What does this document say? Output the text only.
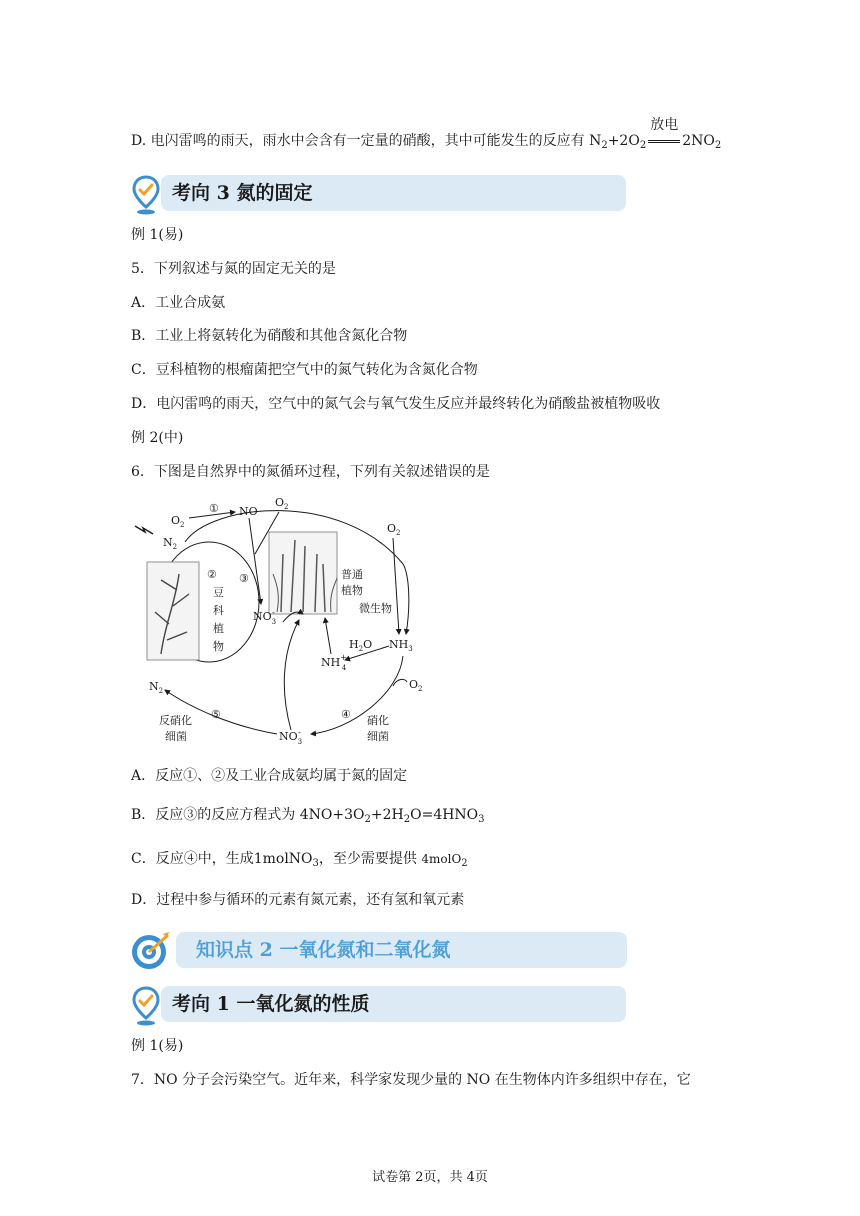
D. 电闪雷鸣的雨天，雨水中会含有一定量的硝酸，其中可能发生的反应有 $N_2+2O_2$
放电
$2NO_2$
考向 3 氮的固定
例 1(易)
5．下列叙述与氮的固定无关的是
A．工业合成氨
B．工业上将氨转化为硝酸和其他含氮化合物
C．豆科植物的根瘤菌把空气中的氮气转化为含氮化合物
D．电闪雷鸣的雨天，空气中的氮气会与氧气发生反应并最终转化为硝酸盐被植物吸收
例 2(中)
6．下图是自然界中的氮循环过程，下列有关叙述错误的是
$O_2$
① NO
$O_2$
$N_2$
③
②
豆
科
植
物
普通
植物
微生物
$O_2$
$NO_3-$
$H_2O$ $NH_3$
NH+ 4
$O_2$
$NO_3-$
$N_2$
⑤	④
反硝化
细菌
硝化
细菌
A．反应①、②及工业合成氨均属于氮的固定
B．反应③的反应方程式为 $4NO+3O_2+2H_2O=4HNO_3$
C．反应④中，生成1molNO$_3$，至少需要提供 4molO$_2$
D．过程中参与循环的元素有氮元素，还有氢和氧元素
知识点 2 一氧化氮和二氧化氮
考向 1 一氧化氮的性质
例 1(易)
7．NO 分子会污染空气。近年来，科学家发现少量的 NO 在生物体内许多组织中存在，它
试卷第 2页，共 4页
